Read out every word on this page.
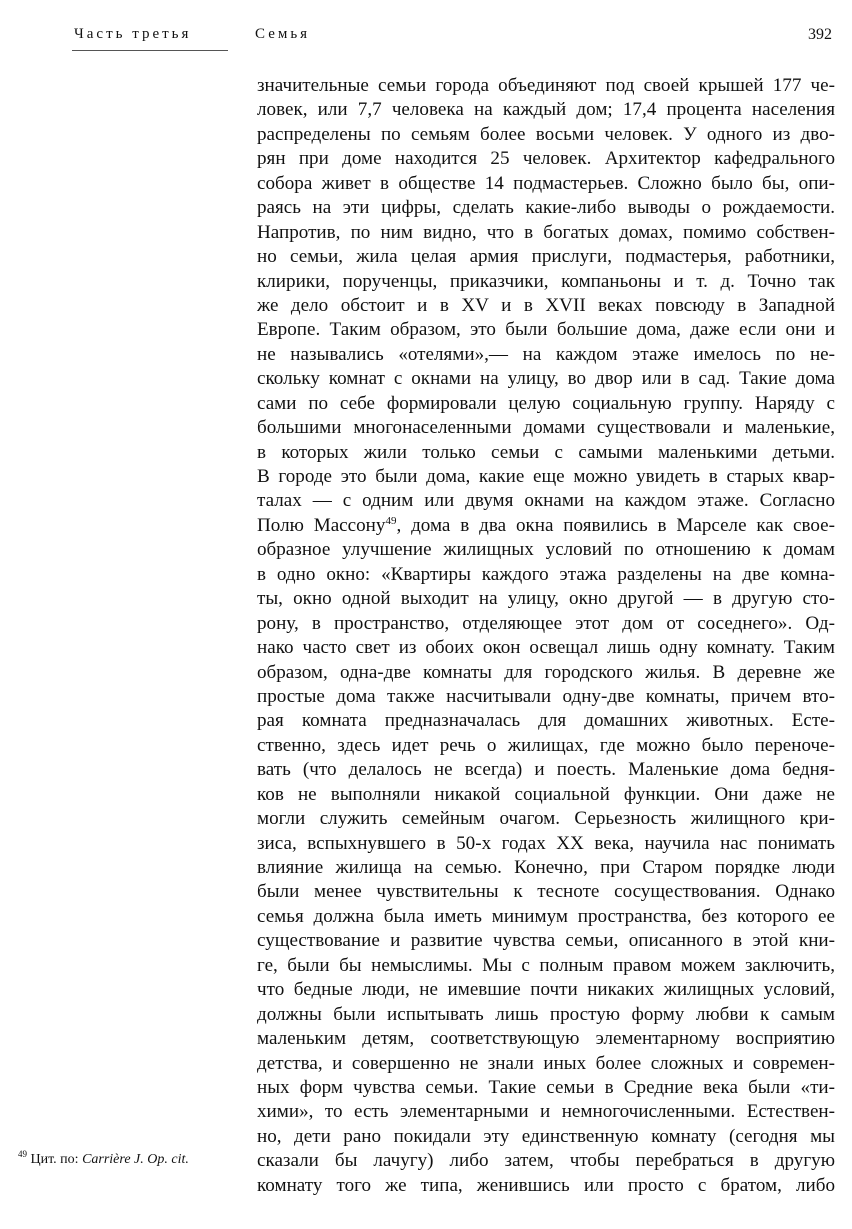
Часть третья	Семья	392
значительные семьи города объединяют под своей крышей 177 че-
ловек, или 7,7 человека на каждый дом; 17,4 процента населения
распределены по семьям более восьми человек. У одного из дво-
рян при доме находится 25 человек. Архитектор кафедрального
собора живет в обществе 14 подмастерьев. Сложно было бы, опи-
раясь на эти цифры, сделать какие-либо выводы о рождаемости.
Напротив, по ним видно, что в богатых домах, помимо собствен-
но семьи, жила целая армия прислуги, подмастерья, работники,
клирики, порученцы, приказчики, компаньоны и т. д. Точно так
же дело обстоит и в XV и в XVII веках повсюду в Западной
Европе. Таким образом, это были большие дома, даже если они и
не назывались «отелями»,— на каждом этаже имелось по не-
скольку комнат с окнами на улицу, во двор или в сад. Такие дома
сами по себе формировали целую социальную группу. Наряду с
большими многонаселенными домами существовали и маленькие,
в которых жили только семьи с самыми маленькими детьми.
В городе это были дома, какие еще можно увидеть в старых квар-
талах — с одним или двумя окнами на каждом этаже. Согласно
Полю Массону$^{49}$, дома в два окна появились в Марселе как свое-
образное улучшение жилищных условий по отношению к домам
в одно окно: «Квартиры каждого этажа разделены на две комна-
ты, окно одной выходит на улицу, окно другой — в другую сто-
рону, в пространство, отделяющее этот дом от соседнего». Од-
нако часто свет из обоих окон освещал лишь одну комнату. Таким
образом, одна-две комнаты для городского жилья. В деревне же
простые дома также насчитывали одну-две комнаты, причем вто-
рая комната предназначалась для домашних животных. Есте-
ственно, здесь идет речь о жилищах, где можно было переноче-
вать (что делалось не всегда) и поесть. Маленькие дома бедня-
ков не выполняли никакой социальной функции. Они даже не
могли служить семейным очагом. Серьезность жилищного кри-
зиса, вспыхнувшего в 50-х годах XX века, научила нас понимать
влияние жилища на семью. Конечно, при Старом порядке люди
были менее чувствительны к тесноте сосуществования. Однако
семья должна была иметь минимум пространства, без которого ее
существование и развитие чувства семьи, описанного в этой кни-
ге, были бы немыслимы. Мы с полным правом можем заключить,
что бедные люди, не имевшие почти никаких жилищных условий,
должны были испытывать лишь простую форму любви к самым
маленьким детям, соответствующую элементарному восприятию
детства, и совершенно не знали иных более сложных и современ-
ных форм чувства семьи. Такие семьи в Средние века были «ти-
хими», то есть элементарными и немногочисленными. Естествен-
но, дети рано покидали эту единственную комнату (сегодня мы
сказали бы лачугу) либо затем, чтобы перебраться в другую
комнату того же типа, женившись или просто с братом, либо
$^{49}$ Цит. по: Carrière J. Op. cit.
